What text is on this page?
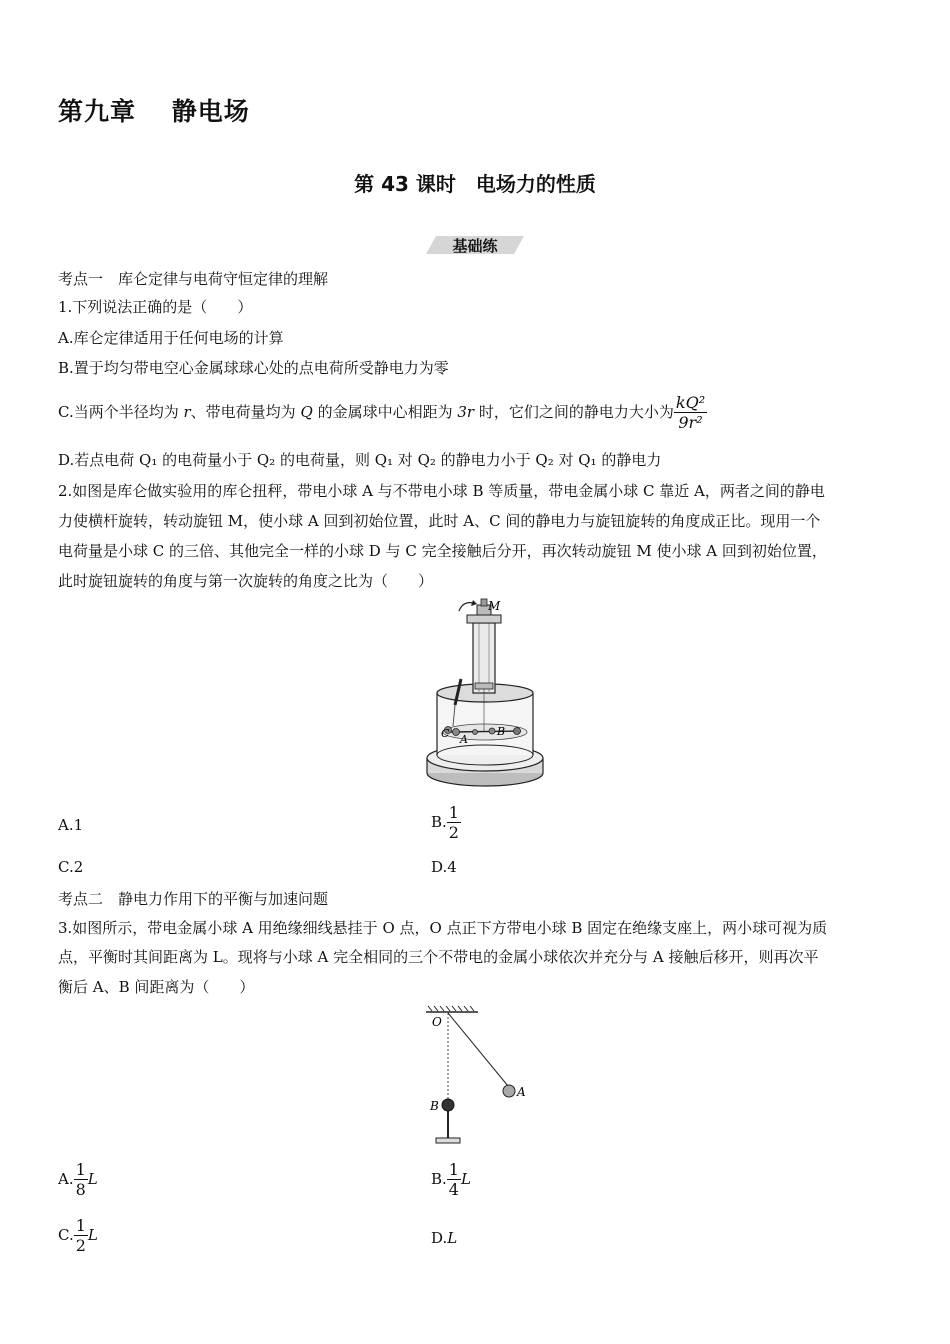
第九章　 静电场
第 43 课时　电场力的性质
基础练
考点一　库仑定律与电荷守恒定律的理解
1.下列说法正确的是（　　）
A.库仑定律适用于任何电场的计算
B.置于均匀带电空心金属球球心处的点电荷所受静电力为零
C.当两个半径均为 r、带电荷量均为 Q 的金属球中心相距为 3r 时，它们之间的静电力大小为 $\frac{\text{kQ²}}{\text{9r²}}$
D.若点电荷 Q₁ 的电荷量小于 Q₂ 的电荷量，则 Q₁ 对 Q₂ 的静电力小于 Q₂ 对 Q₁ 的静电力
2.如图是库仑做实验用的库仑扭秤，带电小球 A 与不带电小球 B 等质量，带电金属小球 C 靠近 A，两者之间的静电
力使横杆旋转，转动旋钮 M，使小球 A 回到初始位置，此时 A、C 间的静电力与旋钮旋转的角度成正比。现用一个
电荷量是小球 C 的三倍、其他完全一样的小球 D 与 C 完全接触后分开，再次转动旋钮 M 使小球 A 回到初始位置，
此时旋钮旋转的角度与第一次旋转的角度之比为（　　）
M
C A
B
A.1	B. $\frac{1}{2}$
C.2	D.4
考点二　静电力作用下的平衡与加速问题
3.如图所示，带电金属小球 A 用绝缘细线悬挂于 O 点，O 点正下方带电小球 B 固定在绝缘支座上，两小球可视为质
点，平衡时其间距离为 L。现将与小球 A 完全相同的三个不带电的金属小球依次并充分与 A 接触后移开，则再次平
衡后 A、B 间距离为（　　）
O
A
B
A. $\frac{1}{8}$ L	B. $\frac{1}{4}$ L
C. $\frac{1}{2}$ L	D.L
